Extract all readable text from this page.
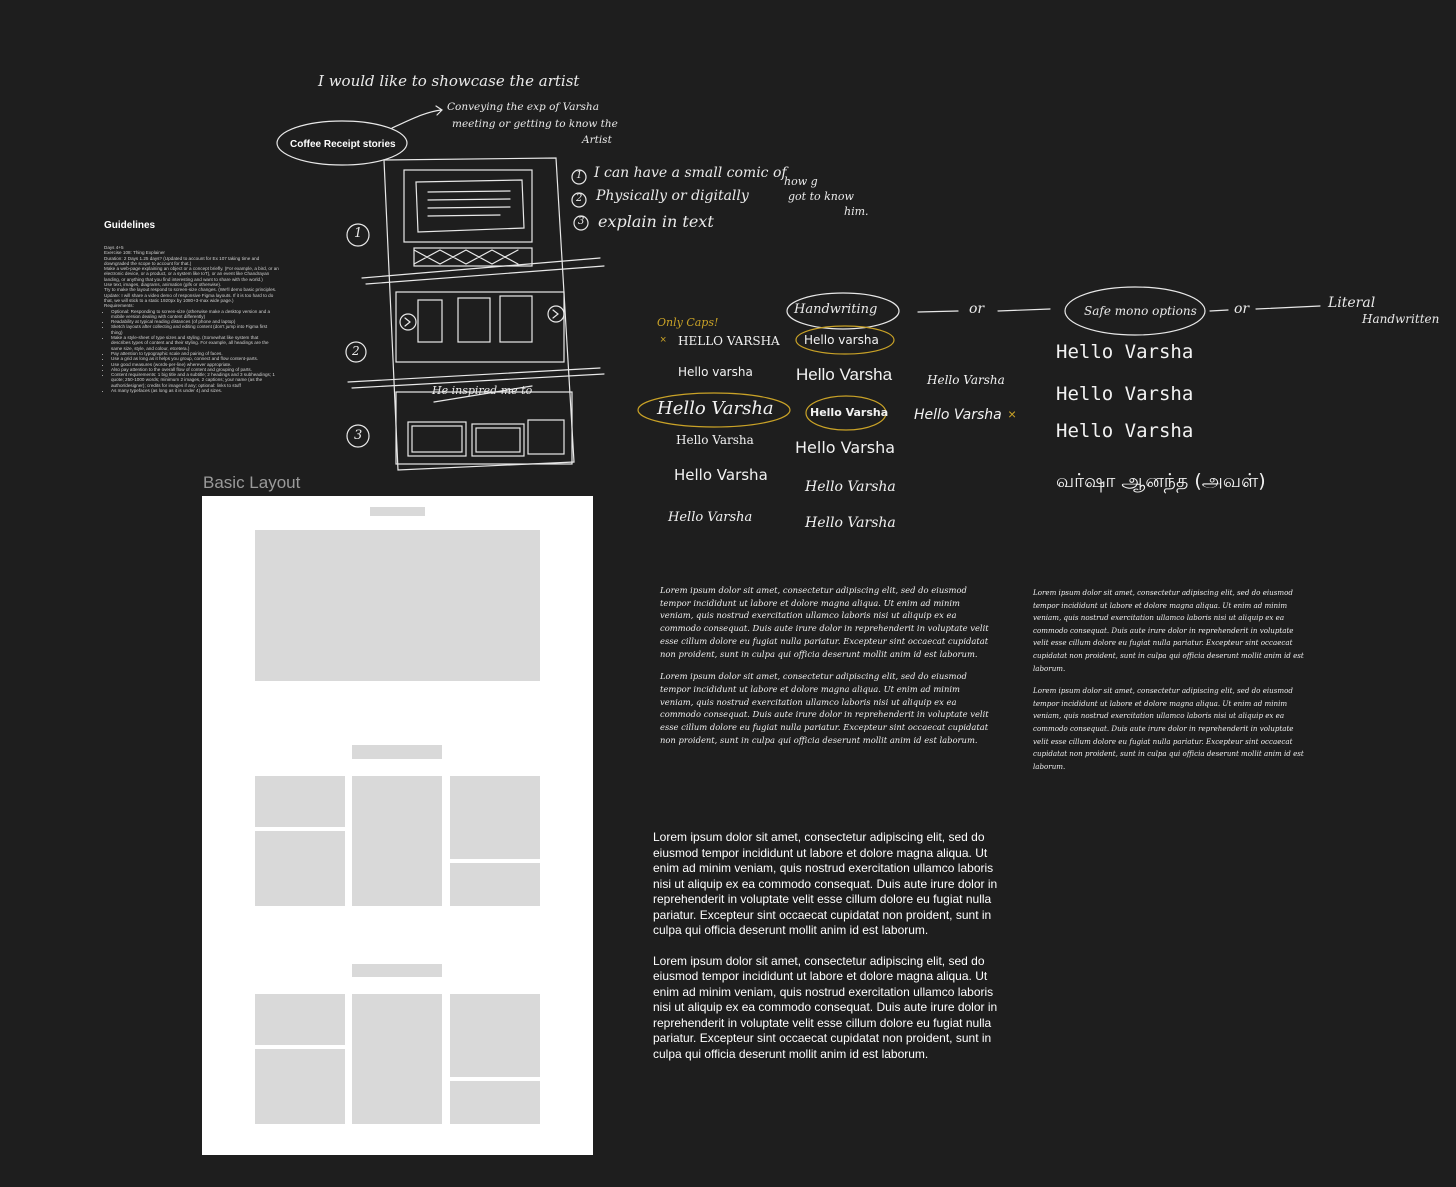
I would like to showcase the artist
Coffee Receipt stories
Conveying the exp of Varsha
meeting or getting to know the
Artist
1
2
3
He inspired me to
1 I can have a small comic of
2 Physically or digitally
3 explain in text
how g
got to know
him.
Guidelines

Days 4+5

Exercise 108: Thing Explainer

Duration: 2 Days 1.25 days? (Updated to account for Ex 107 taking time and downgraded the scope to account for that.)

Make a web-page explaining an object or a concept briefly. (For example, a bird, or an electronic device, or a product, or a system like IoT), or an event like Chandrayan landing, or anything that you find interesting and want to share with the world.)

Use text, images, diagrams, animation (gifs or otherwise).

Try to make the layout respond to screen-size changes. (We'll demo basic principles. Update: I will share a video demo of responsive Figma layouts. If it is too hard to do that, we will stick to a static 1920px by 1080+3-max wide page.)

Requirements:

• Optional: Responding to screen-size (otherwise make a desktop version and a mobile version dealing with content differently)
• Readability at typical reading distances (of phone and laptop)
• Sketch layouts after collecting and editing content (don't jump into Figma first thing)
• Make a style-sheet of type sizes and styling. (Somewhat like system that describes types of content and their styling. For example, all headings are the same size, style, and colour, etcetera.)
• Pay attention to typographic scale and pairing of faces.
• Use a grid as long as it helps you group, connect and flow content-parts.
• Use good measures (words-per-line) wherever appropriate.
• Also pay attention to the overall flow of content and grouping of parts.
• Content requirements: 1 big title and a subtitle; 2 headings and 3 subheadings; 1 quote; 250-1000 words; minimum 2 images, 2 captions; your name (as the author/designer); credits for images if any; optional: links to stuff
• As many typefaces (as long as it is under 4) and sizes.
Basic Layout
Only Caps!
×
Handwriting	or	Safe mono options	or	Literal
Handwritten
HELLO VARSHA
Hello varsha
Hello Varsha
Hello Varsha
Hello Varsha
Hello Varsha
Hello varsha
Hello Varsha
Hello Varsha
Hello Varsha
Hello Varsha
Hello Varsha
Hello Varsha
Hello Varsha ×
Hello Varsha
Hello Varsha
Hello Varsha
வர்ஷா ஆனந்த (அவள்)

Lorem ipsum dolor sit amet, consectetur adipiscing elit, sed do eiusmod tempor incididunt ut labore et dolore magna aliqua. Ut enim ad minim veniam, quis nostrud exercitation ullamco laboris nisi ut aliquip ex ea commodo consequat. Duis aute irure dolor in reprehenderit in voluptate velit esse cillum dolore eu fugiat nulla pariatur. Excepteur sint occaecat cupidatat non proident, sunt in culpa qui officia deserunt mollit anim id est laborum.

Lorem ipsum dolor sit amet, consectetur adipiscing elit, sed do eiusmod tempor incididunt ut labore et dolore magna aliqua. Ut enim ad minim veniam, quis nostrud exercitation ullamco laboris nisi ut aliquip ex ea commodo consequat. Duis aute irure dolor in reprehenderit in voluptate velit esse cillum dolore eu fugiat nulla pariatur. Excepteur sint occaecat cupidatat non proident, sunt in culpa qui officia deserunt mollit anim id est laborum.

Lorem ipsum dolor sit amet, consectetur adipiscing elit, sed do eiusmod tempor incididunt ut labore et dolore magna aliqua. Ut enim ad minim veniam, quis nostrud exercitation ullamco laboris nisi ut aliquip ex ea commodo consequat. Duis aute irure dolor in reprehenderit in voluptate velit esse cillum dolore eu fugiat nulla pariatur. Excepteur sint occaecat cupidatat non proident, sunt in culpa qui officia deserunt mollit anim id est laborum.

Lorem ipsum dolor sit amet, consectetur adipiscing elit, sed do eiusmod tempor incididunt ut labore et dolore magna aliqua. Ut enim ad minim veniam, quis nostrud exercitation ullamco laboris nisi ut aliquip ex ea commodo consequat. Duis aute irure dolor in reprehenderit in voluptate velit esse cillum dolore eu fugiat nulla pariatur. Excepteur sint occaecat cupidatat non proident, sunt in culpa qui officia deserunt mollit anim id est laborum.

Lorem ipsum dolor sit amet, consectetur adipiscing elit, sed do eiusmod tempor incididunt ut labore et dolore magna aliqua. Ut enim ad minim veniam, quis nostrud exercitation ullamco laboris nisi ut aliquip ex ea commodo consequat. Duis aute irure dolor in reprehenderit in voluptate velit esse cillum dolore eu fugiat nulla pariatur. Excepteur sint occaecat cupidatat non proident, sunt in culpa qui officia deserunt mollit anim id est laborum.

Lorem ipsum dolor sit amet, consectetur adipiscing elit, sed do eiusmod tempor incididunt ut labore et dolore magna aliqua. Ut enim ad minim veniam, quis nostrud exercitation ullamco laboris nisi ut aliquip ex ea commodo consequat. Duis aute irure dolor in reprehenderit in voluptate velit esse cillum dolore eu fugiat nulla pariatur. Excepteur sint occaecat cupidatat non proident, sunt in culpa qui officia deserunt mollit anim id est laborum.
